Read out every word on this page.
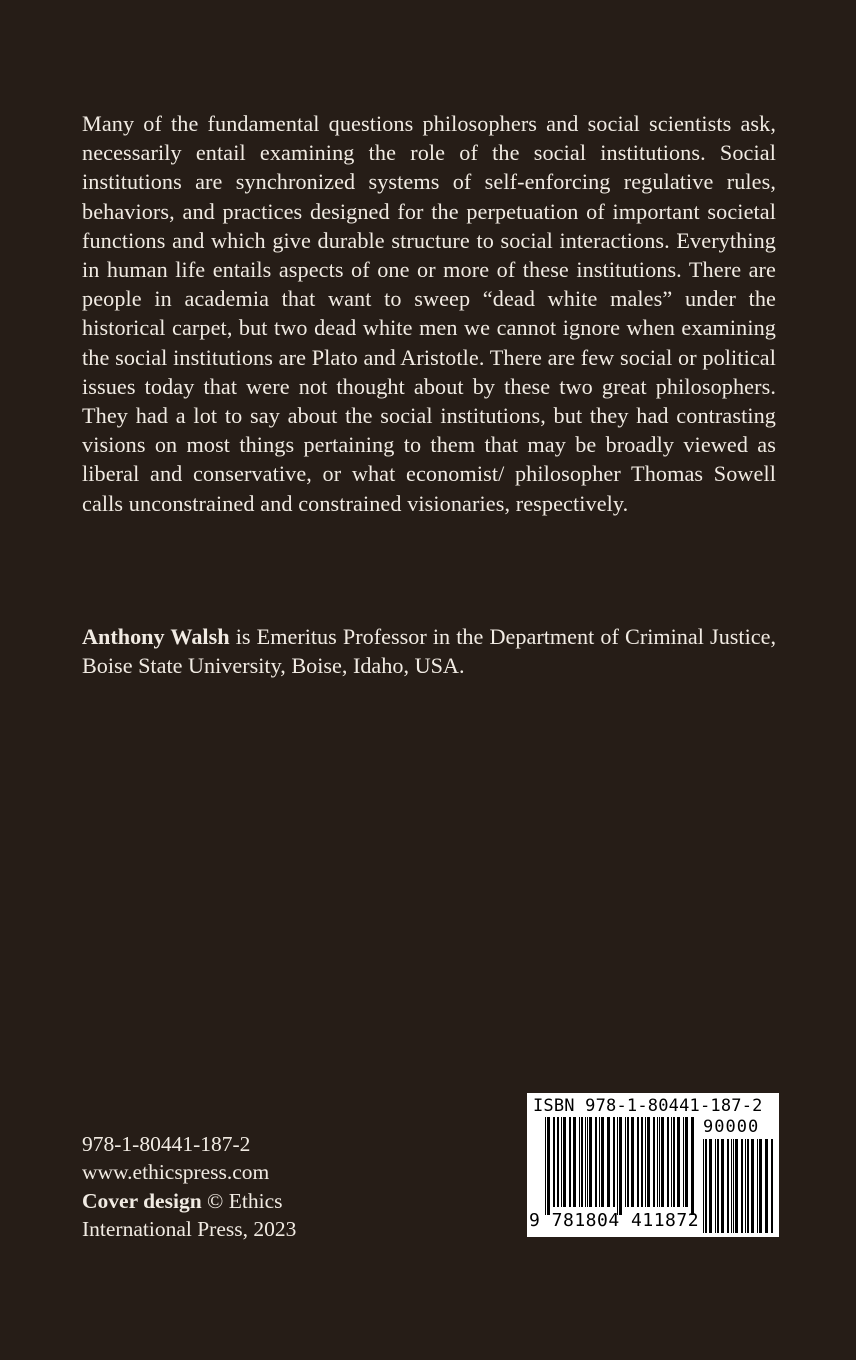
Many of the fundamental questions philosophers and social scientists ask, necessarily entail examining the role of the social institutions. Social institutions are synchronized systems of self-enforcing regulative rules, behaviors, and practices designed for the perpetuation of important societal functions and which give durable structure to social interactions. Everything in human life entails aspects of one or more of these institutions. There are people in academia that want to sweep “dead white males” under the historical carpet, but two dead white men we cannot ignore when examining the social institutions are Plato and Aristotle. There are few social or political issues today that were not thought about by these two great philosophers. They had a lot to say about the social institutions, but they had contrasting visions on most things pertaining to them that may be broadly viewed as liberal and conservative, or what economist/ philosopher Thomas Sowell calls unconstrained and constrained visionaries, respectively.

Anthony Walsh is Emeritus Professor in the Department of Criminal Justice, Boise State University, Boise, Idaho, USA.

978-1-80441-187-2
www.ethicspress.com
Cover design © Ethics
International Press, 2023
ISBN 978-1-80441-187-2
90000
9 781804 411872
